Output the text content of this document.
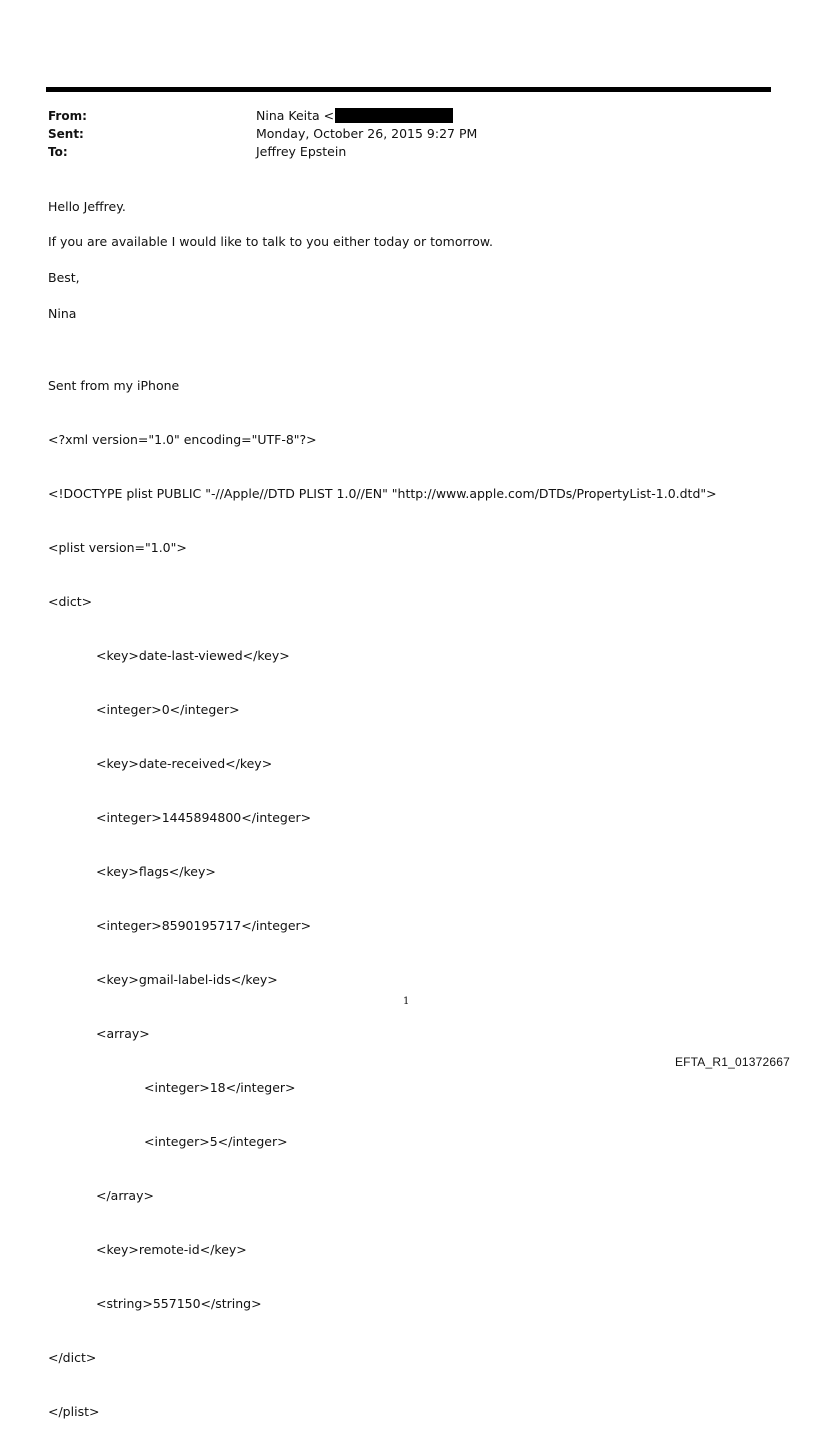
From:	Nina Keita <
Sent:	Monday, October 26, 2015 9:27 PM
To:	Jeffrey Epstein
Hello Jeffrey.
If you are available I would like to talk to you either today or tomorrow.
Best,
Nina

Sent from my iPhone

<?xml version="1.0" encoding="UTF-8"?>

<!DOCTYPE plist PUBLIC "-//Apple//DTD PLIST 1.0//EN" "http://www.apple.com/DTDs/PropertyList-1.0.dtd">

<plist version="1.0">

<dict>

<key>date-last-viewed</key>

<integer>0</integer>

<key>date-received</key>

<integer>1445894800</integer>

<key>flags</key>

<integer>8590195717</integer>

<key>gmail-label-ids</key>

<array>

<integer>18</integer>

<integer>5</integer>

</array>

<key>remote-id</key>

<string>557150</string>

</dict>

</plist>

1
EFTA_R1_01372667
